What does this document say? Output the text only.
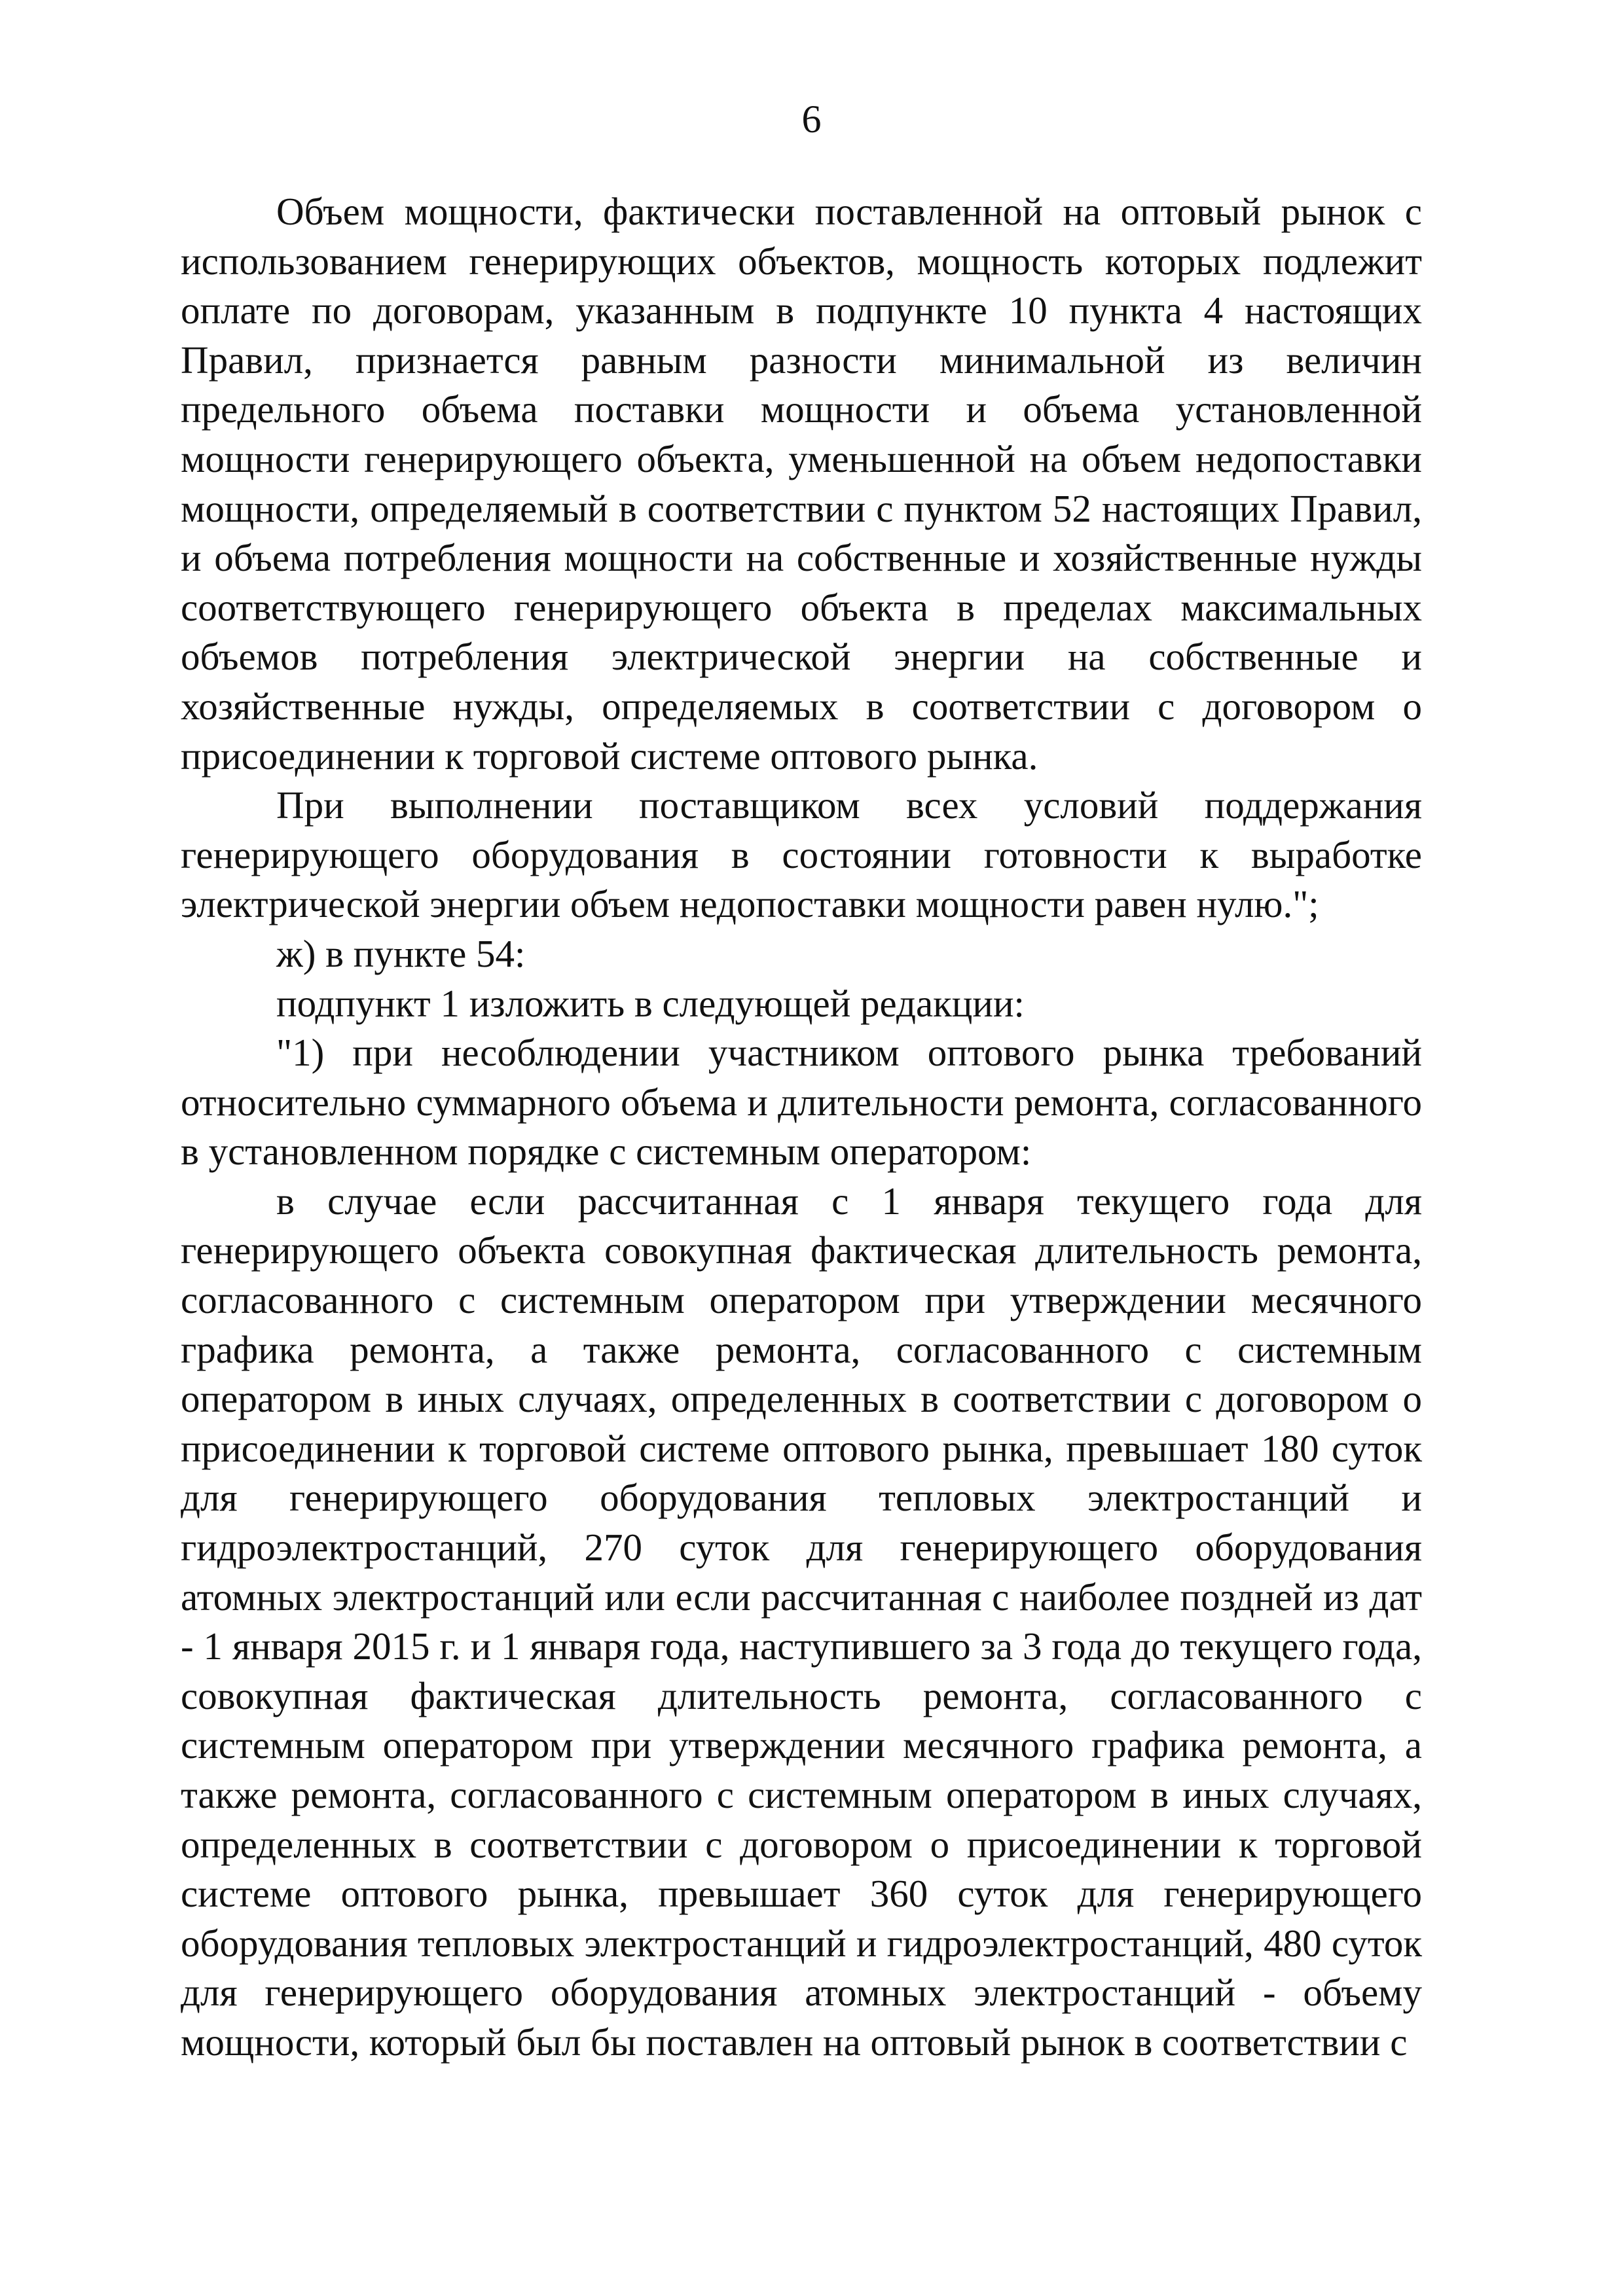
6

Объем мощности, фактически поставленной на оптовый рынок с использованием генерирующих объектов, мощность которых подлежит оплате по договорам, указанным в подпункте 10 пункта 4 настоящих Правил, признается равным разности минимальной из величин предельного объема поставки мощности и объема установленной мощности генерирующего объекта, уменьшенной на объем недопоставки мощности, определяемый в соответствии с пунктом 52 настоящих Правил, и объема потребления мощности на собственные и хозяйственные нужды соответствующего генерирующего объекта в пределах максимальных объемов потребления электрической энергии на собственные и хозяйственные нужды, определяемых в соответствии с договором о присоединении к торговой системе оптового рынка.

При выполнении поставщиком всех условий поддержания генерирующего оборудования в состоянии готовности к выработке электрической энергии объем недопоставки мощности равен нулю.";

ж) в пункте 54:

подпункт 1 изложить в следующей редакции:

"1) при несоблюдении участником оптового рынка требований относительно суммарного объема и длительности ремонта, согласованного в установленном порядке с системным оператором:

в случае если рассчитанная с 1 января текущего года для генерирующего объекта совокупная фактическая длительность ремонта, согласованного с системным оператором при утверждении месячного графика ремонта, а также ремонта, согласованного с системным оператором в иных случаях, определенных в соответствии с договором о присоединении к торговой системе оптового рынка, превышает 180 суток для генерирующего оборудования тепловых электростанций и гидроэлектростанций, 270 суток для генерирующего оборудования атомных электростанций или если рассчитанная с наиболее поздней из дат - 1 января 2015 г. и 1 января года, наступившего за 3 года до текущего года, совокупная фактическая длительность ремонта, согласованного с системным оператором при утверждении месячного графика ремонта, а также ремонта, согласованного с системным оператором в иных случаях, определенных в соответствии с договором о присоединении к торговой системе оптового рынка, превышает 360 суток для генерирующего оборудования тепловых электростанций и гидроэлектростанций, 480 суток для генерирующего оборудования атомных электростанций - объему мощности, который был бы поставлен на оптовый рынок в соответствии с
